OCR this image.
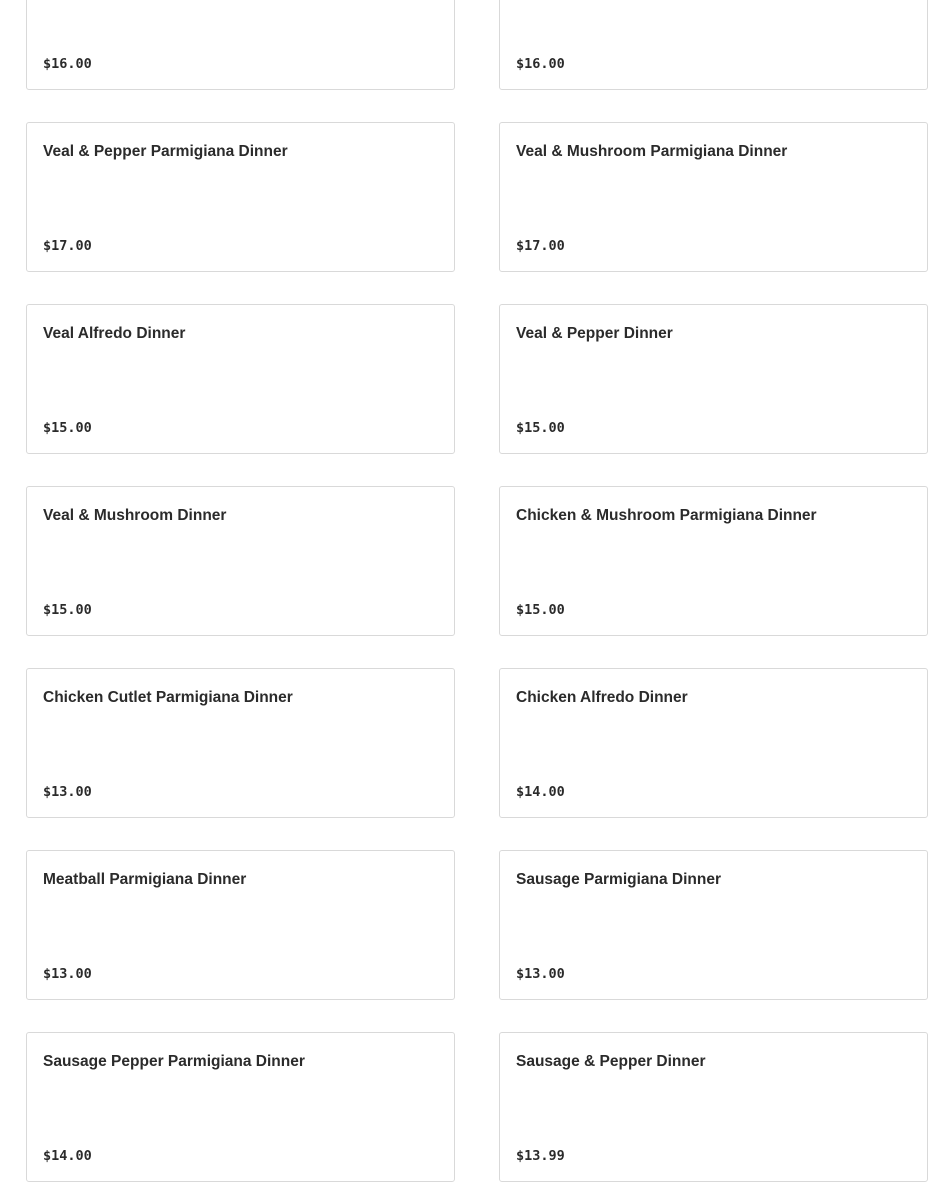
$16.00	$16.00
Veal & Pepper Parmigiana Dinner
$17.00
Veal & Mushroom Parmigiana Dinner
$17.00
Veal Alfredo Dinner
$15.00
Veal & Pepper Dinner
$15.00
Veal & Mushroom Dinner
$15.00
Chicken & Mushroom Parmigiana Dinner
$15.00
Chicken Cutlet Parmigiana Dinner
$13.00
Chicken Alfredo Dinner
$14.00
Meatball Parmigiana Dinner
$13.00
Sausage Parmigiana Dinner
$13.00
Sausage Pepper Parmigiana Dinner
$14.00
Sausage & Pepper Dinner
$13.99
